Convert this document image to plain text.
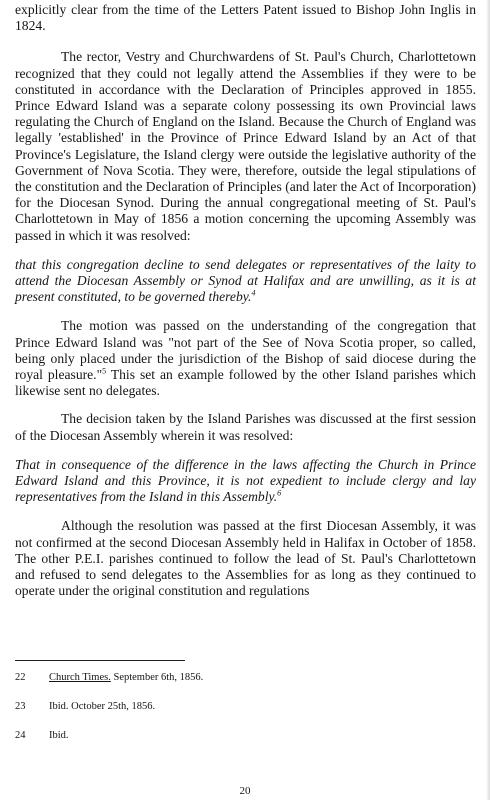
explicitly clear from the time of the Letters Patent issued to Bishop John Inglis in 1824.

The rector, Vestry and Churchwardens of St. Paul's Church, Charlottetown recognized that they could not legally attend the Assemblies if they were to be constituted in accordance with the Declaration of Principles approved in 1855. Prince Edward Island was a separate colony possessing its own Provincial laws regulating the Church of England on the Island. Because the Church of England was legally 'established' in the Province of Prince Edward Island by an Act of that Province's Legislature, the Island clergy were outside the legislative authority of the Government of Nova Scotia. They were, therefore, outside the legal stipulations of the constitution and the Declaration of Principles (and later the Act of Incorporation) for the Diocesan Synod. During the annual congregational meeting of St. Paul's Charlottetown in May of 1856 a motion concerning the upcoming Assembly was passed in which it was resolved:

that this congregation decline to send delegates or representatives of the laity to attend the Diocesan Assembly or Synod at Halifax and are unwilling, as it is at present constituted, to be governed thereby.$^4$

The motion was passed on the understanding of the congregation that Prince Edward Island was "not part of the See of Nova Scotia proper, so called, being only placed under the jurisdiction of the Bishop of said diocese during the royal pleasure."$^5$ This set an example followed by the other Island parishes which likewise sent no delegates.

The decision taken by the Island Parishes was discussed at the first session of the Diocesan Assembly wherein it was resolved:

That in consequence of the difference in the laws affecting the Church in Prince Edward Island and this Province, it is not expedient to include clergy and lay representatives from the Island in this Assembly.$^6$

Although the resolution was passed at the first Diocesan Assembly, it was not confirmed at the second Diocesan Assembly held in Halifax in October of 1858. The other P.E.I. parishes continued to follow the lead of St. Paul's Charlottetown and refused to send delegates to the Assemblies for as long as they continued to operate under the original constitution and regulations

22 Church Times. September 6th, 1856.
23 Ibid. October 25th, 1856.
24 Ibid.
20
